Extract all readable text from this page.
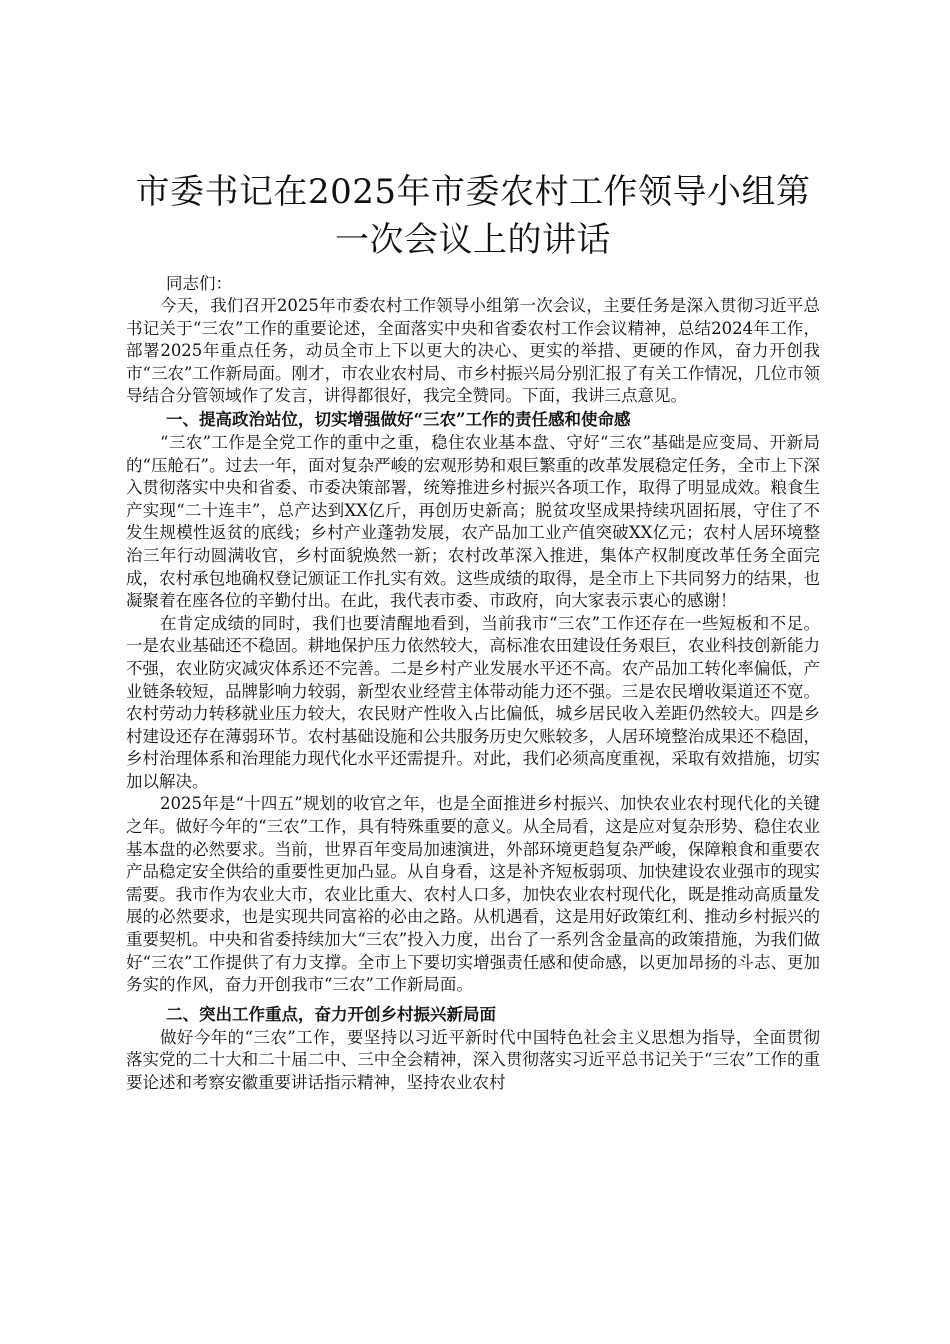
市委书记在2025年市委农村工作领导小组第一次会议上的讲话
同志们：

今天，我们召开2025年市委农村工作领导小组第一次会议，主要任务是深入贯彻习近平总书记关于“三农”工作的重要论述，全面落实中央和省委农村工作会议精神，总结2024年工作，部署2025年重点任务，动员全市上下以更大的决心、更实的举措、更硬的作风，奋力开创我市“三农”工作新局面。刚才，市农业农村局、市乡村振兴局分别汇报了有关工作情况，几位市领导结合分管领域作了发言，讲得都很好，我完全赞同。下面，我讲三点意见。

一、提高政治站位，切实增强做好“三农”工作的责任感和使命感

“三农”工作是全党工作的重中之重，稳住农业基本盘、守好“三农”基础是应变局、开新局的“压舱石”。过去一年，面对复杂严峻的宏观形势和艰巨繁重的改革发展稳定任务，全市上下深入贯彻落实中央和省委、市委决策部署，统筹推进乡村振兴各项工作，取得了明显成效。粮食生产实现“二十连丰”，总产达到XX亿斤，再创历史新高；脱贫攻坚成果持续巩固拓展，守住了不发生规模性返贫的底线；乡村产业蓬勃发展，农产品加工业产值突破XX亿元；农村人居环境整治三年行动圆满收官，乡村面貌焕然一新；农村改革深入推进，集体产权制度改革任务全面完成，农村承包地确权登记颁证工作扎实有效。这些成绩的取得，是全市上下共同努力的结果，也凝聚着在座各位的辛勤付出。在此，我代表市委、市政府，向大家表示衷心的感谢！

在肯定成绩的同时，我们也要清醒地看到，当前我市“三农”工作还存在一些短板和不足。一是农业基础还不稳固。耕地保护压力依然较大，高标准农田建设任务艰巨，农业科技创新能力不强，农业防灾减灾体系还不完善。二是乡村产业发展水平还不高。农产品加工转化率偏低，产业链条较短，品牌影响力较弱，新型农业经营主体带动能力还不强。三是农民增收渠道还不宽。农村劳动力转移就业压力较大，农民财产性收入占比偏低，城乡居民收入差距仍然较大。四是乡村建设还存在薄弱环节。农村基础设施和公共服务历史欠账较多，人居环境整治成果还不稳固，乡村治理体系和治理能力现代化水平还需提升。对此，我们必须高度重视，采取有效措施，切实加以解决。

2025年是“十四五”规划的收官之年，也是全面推进乡村振兴、加快农业农村现代化的关键之年。做好今年的“三农”工作，具有特殊重要的意义。从全局看，这是应对复杂形势、稳住农业基本盘的必然要求。当前，世界百年变局加速演进，外部环境更趋复杂严峻，保障粮食和重要农产品稳定安全供给的重要性更加凸显。从自身看，这是补齐短板弱项、加快建设农业强市的现实需要。我市作为农业大市，农业比重大、农村人口多，加快农业农村现代化，既是推动高质量发展的必然要求，也是实现共同富裕的必由之路。从机遇看，这是用好政策红利、推动乡村振兴的重要契机。中央和省委持续加大“三农”投入力度，出台了一系列含金量高的政策措施，为我们做好“三农”工作提供了有力支撑。全市上下要切实增强责任感和使命感，以更加昂扬的斗志、更加务实的作风，奋力开创我市“三农”工作新局面。

二、突出工作重点，奋力开创乡村振兴新局面

做好今年的“三农”工作，要坚持以习近平新时代中国特色社会主义思想为指导，全面贯彻落实党的二十大和二十届二中、三中全会精神，深入贯彻落实习近平总书记关于“三农”工作的重要论述和考察安徽重要讲话指示精神，坚持农业农村
